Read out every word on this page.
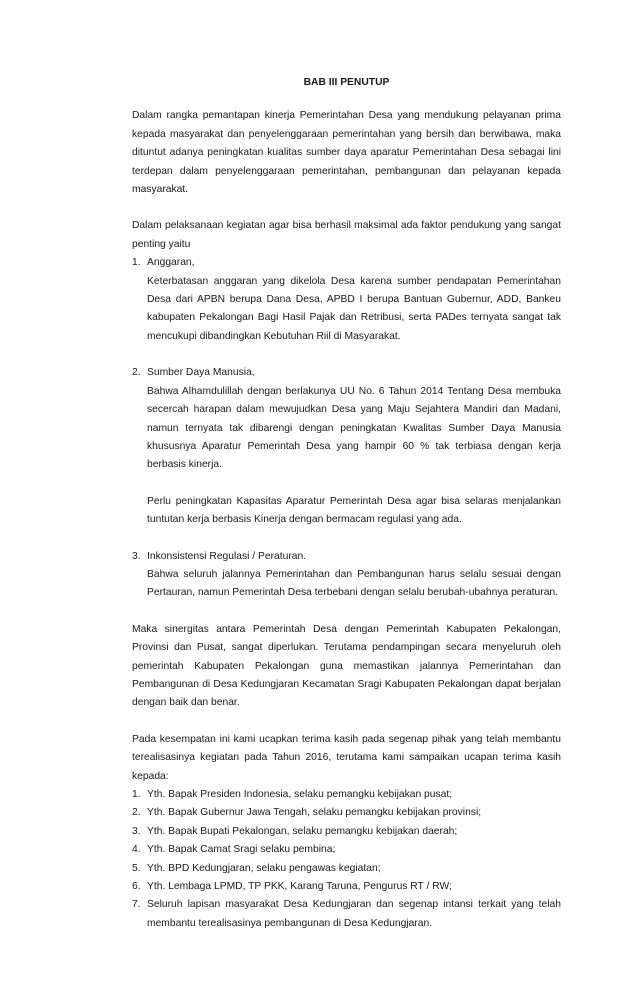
BAB III PENUTUP

Dalam rangka pemantapan kinerja Pemerintahan Desa yang mendukung pelayanan prima kepada masyarakat dan penyelenggaraan pemerintahan yang bersih dan berwibawa, maka dituntut adanya peningkatan kualitas sumber daya aparatur Pemerintahan Desa sebagai lini terdepan dalam penyelenggaraan pemerintahan, pembangunan dan pelayanan kepada masyarakat.

Dalam pelaksanaan kegiatan agar bisa berhasil maksimal ada faktor pendukung yang sangat penting yaitu

1. Anggaran,

Keterbatasan anggaran yang dikelola Desa karena sumber pendapatan Pemerintahan Desa dari APBN berupa Dana Desa, APBD I berupa Bantuan Gubernur, ADD, Bankeu kabupaten Pekalongan Bagi Hasil Pajak dan Retribusi, serta PADes ternyata sangat tak mencukupi dibandingkan Kebutuhan Riil di Masyarakat.

2. Sumber Daya Manusia,

Bahwa Alhamdulillah dengan berlakunya UU No. 6 Tahun 2014 Tentang Desa membuka secercah harapan dalam mewujudkan Desa yang Maju Sejahtera Mandiri dan Madani, namun ternyata tak dibarengi dengan peningkatan Kwalitas Sumber Daya Manusia khususnya Aparatur Pemerintah Desa yang hampir 60 % tak terbiasa dengan kerja berbasis kinerja.

Perlu peningkatan Kapasitas Aparatur Pemerintah Desa agar bisa selaras menjalankan tuntutan kerja berbasis Kinerja dengan bermacam regulasi yang ada.

3. Inkonsistensi Regulasi / Peraturan.

Bahwa seluruh jalannya Pemerintahan dan Pembangunan harus selalu sesuai dengan Pertauran, namun Pemerintah Desa terbebani dengan selalu berubah-ubahnya peraturan.

Maka sinergitas antara Pemerintah Desa dengan Pemerintah Kabupaten Pekalongan, Provinsi dan Pusat, sangat diperlukan. Terutama pendampingan secara menyeluruh oleh pemerintah Kabupaten Pekalongan guna memastikan jalannya Pemerintahan dan Pembangunan di Desa Kedungjaran Kecamatan Sragi Kabupaten Pekalongan dapat berjalan dengan baik dan benar.

Pada kesempatan ini kami ucapkan terima kasih pada segenap pihak yang telah membantu terealisasinya kegiatan pada Tahun 2016, terutama kami sampaikan ucapan terima kasih kepada:

1. Yth. Bapak Presiden Indonesia, selaku pemangku kebijakan pusat;
2. Yth. Bapak Gubernur Jawa Tengah, selaku pemangku kebijakan provinsi;
3. Yth. Bapak Bupati Pekalongan, selaku pemangku kebijakan daerah;
4. Yth. Bapak Camat Sragi selaku pembina;
5. Yth. BPD Kedungjaran, selaku pengawas kegiatan;
6. Yth. Lembaga LPMD, TP PKK, Karang Taruna, Pengurus RT / RW;
7. Seluruh lapisan masyarakat Desa Kedungjaran dan segenap intansi terkait yang telah membantu terealisasinya pembangunan di Desa Kedungjaran.
